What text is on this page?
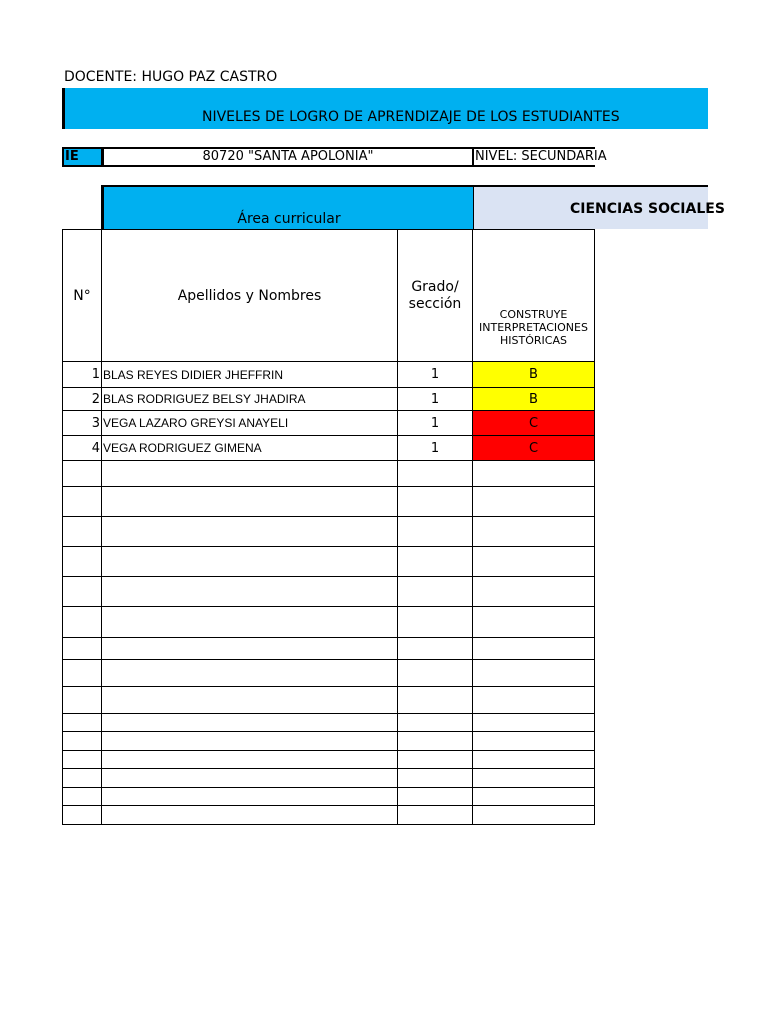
DOCENTE: HUGO PAZ CASTRO
NIVELES DE LOGRO DE APRENDIZAJE DE LOS ESTUDIANTES
IE	80720 "SANTA APOLONIA"	NIVEL: SECUNDARIA
Área curricular
CIENCIAS SOCIALES
N°	Apellidos y Nombres	Grado/ sección	CONSTRUYE INTERPRETACIONES HISTÓRICAS
1	BLAS REYES DIDIER JHEFFRIN	1	B
2	BLAS RODRIGUEZ BELSY JHADIRA	1	B
3	VEGA LAZARO GREYSI ANAYELI	1	C
4	VEGA RODRIGUEZ GIMENA	1	C
